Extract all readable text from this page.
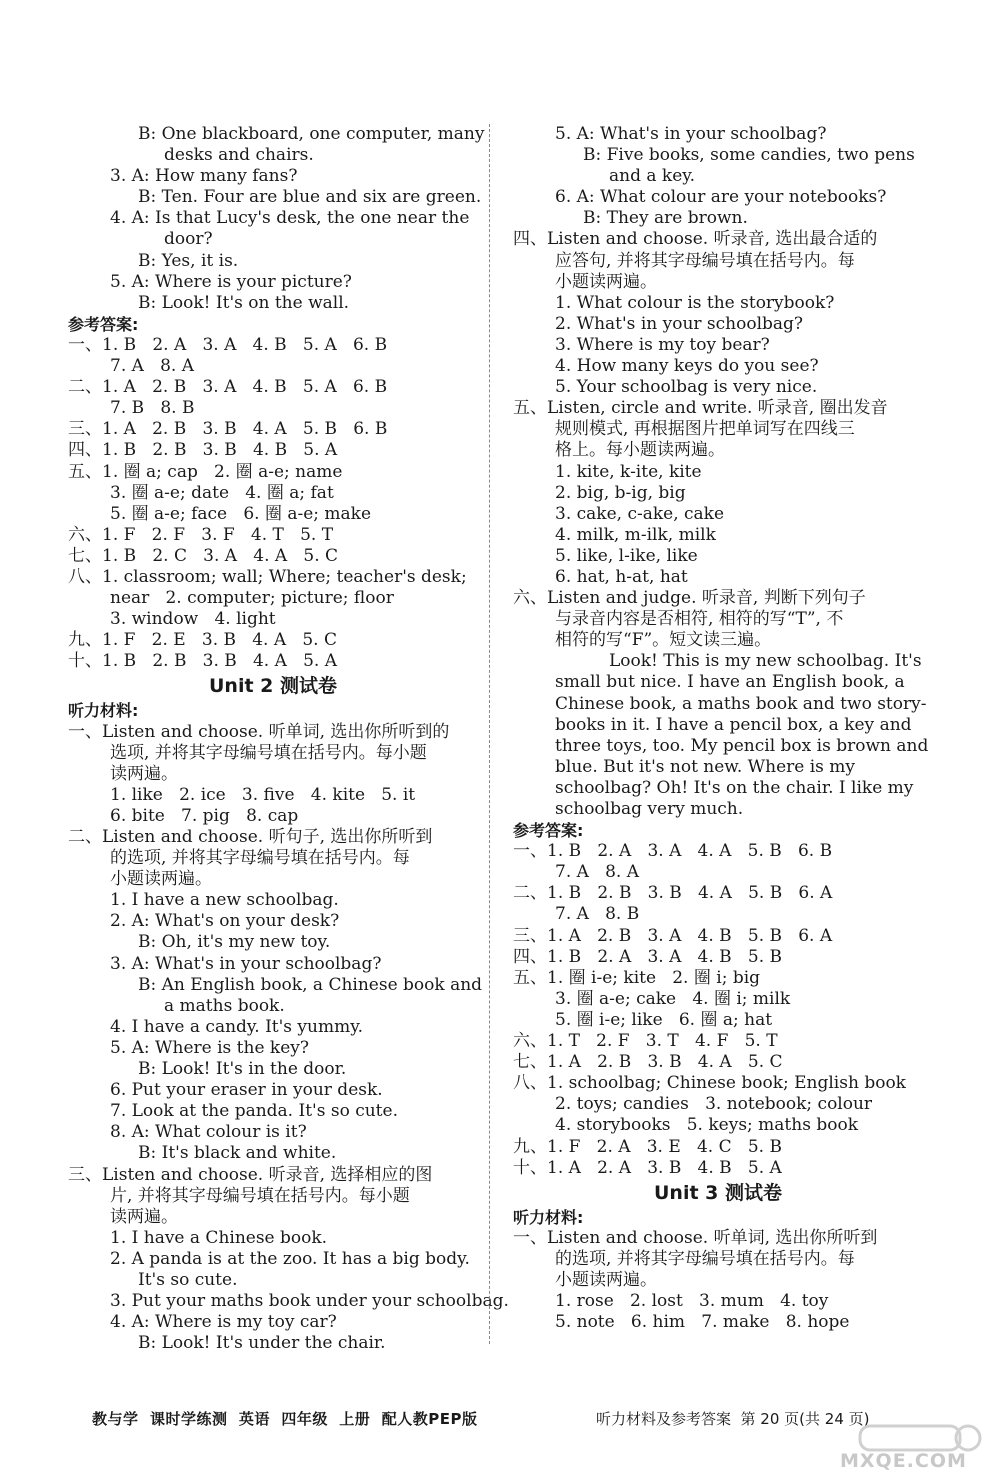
B: One blackboard, one computer, many
desks and chairs.
3. A: How many fans?
B: Ten. Four are blue and six are green.
4. A: Is that Lucy's desk, the one near the
door?
B: Yes, it is.
5. A: Where is your picture?
B: Look! It's on the wall.
参考答案:
一、1. B   2. A   3. A   4. B   5. A   6. B
7. A   8. A
二、1. A   2. B   3. A   4. B   5. A   6. B
7. B   8. B
三、1. A   2. B   3. B   4. A   5. B   6. B
四、1. B   2. B   3. B   4. B   5. A
五、1. 圈 a; cap   2. 圈 a-e; name
3. 圈 a-e; date   4. 圈 a; fat
5. 圈 a-e; face   6. 圈 a-e; make
六、1. F   2. F   3. F   4. T   5. T
七、1. B   2. C   3. A   4. A   5. C
八、1. classroom; wall; Where; teacher's desk;
near   2. computer; picture; floor
3. window   4. light
九、1. F   2. E   3. B   4. A   5. C
十、1. B   2. B   3. B   4. A   5. A
Unit 2 测试卷
听力材料:
一、Listen and choose. 听单词, 选出你所听到的
选项, 并将其字母编号填在括号内。每小题
读两遍。
1. like   2. ice   3. five   4. kite   5. it
6. bite   7. pig   8. cap
二、Listen and choose. 听句子, 选出你所听到
的选项, 并将其字母编号填在括号内。每
小题读两遍。
1. I have a new schoolbag.
2. A: What's on your desk?
B: Oh, it's my new toy.
3. A: What's in your schoolbag?
B: An English book, a Chinese book and
a maths book.
4. I have a candy. It's yummy.
5. A: Where is the key?
B: Look! It's in the door.
6. Put your eraser in your desk.
7. Look at the panda. It's so cute.
8. A: What colour is it?
B: It's black and white.
三、Listen and choose. 听录音, 选择相应的图
片, 并将其字母编号填在括号内。每小题
读两遍。
1. I have a Chinese book.
2. A panda is at the zoo. It has a big body.
It's so cute.
3. Put your maths book under your schoolbag.
4. A: Where is my toy car?
B: Look! It's under the chair.
5. A: What's in your schoolbag?
B: Five books, some candies, two pens
and a key.
6. A: What colour are your notebooks?
B: They are brown.
四、Listen and choose. 听录音, 选出最合适的
应答句, 并将其字母编号填在括号内。每
小题读两遍。
1. What colour is the storybook?
2. What's in your schoolbag?
3. Where is my toy bear?
4. How many keys do you see?
5. Your schoolbag is very nice.
五、Listen, circle and write. 听录音, 圈出发音
规则模式, 再根据图片把单词写在四线三
格上。每小题读两遍。
1. kite, k-ite, kite
2. big, b-ig, big
3. cake, c-ake, cake
4. milk, m-ilk, milk
5. like, l-ike, like
6. hat, h-at, hat
六、Listen and judge. 听录音, 判断下列句子
与录音内容是否相符, 相符的写“T”, 不
相符的写“F”。短文读三遍。
Look! This is my new schoolbag. It's
small but nice. I have an English book, a
Chinese book, a maths book and two story-
books in it. I have a pencil box, a key and
three toys, too. My pencil box is brown and
blue. But it's not new. Where is my
schoolbag? Oh! It's on the chair. I like my
schoolbag very much.
参考答案:
一、1. B   2. A   3. A   4. A   5. B   6. B
7. A   8. A
二、1. B   2. B   3. B   4. A   5. B   6. A
7. A   8. B
三、1. A   2. B   3. A   4. B   5. B   6. A
四、1. B   2. A   3. A   4. B   5. B
五、1. 圈 i-e; kite   2. 圈 i; big
3. 圈 a-e; cake   4. 圈 i; milk
5. 圈 i-e; like   6. 圈 a; hat
六、1. T   2. F   3. T   4. F   5. T
七、1. A   2. B   3. B   4. A   5. C
八、1. schoolbag; Chinese book; English book
2. toys; candies   3. notebook; colour
4. storybooks   5. keys; maths book
九、1. F   2. A   3. E   4. C   5. B
十、1. A   2. A   3. B   4. B   5. A
Unit 3 测试卷
听力材料:
一、Listen and choose. 听单词, 选出你所听到
的选项, 并将其字母编号填在括号内。每
小题读两遍。
1. rose   2. lost   3. mum   4. toy
5. note   6. him   7. make   8. hope
教与学  课时学练测  英语  四年级  上册  配人教PEP版	听力材料及参考答案  第 20 页(共 24 页)
MXQE.COM
